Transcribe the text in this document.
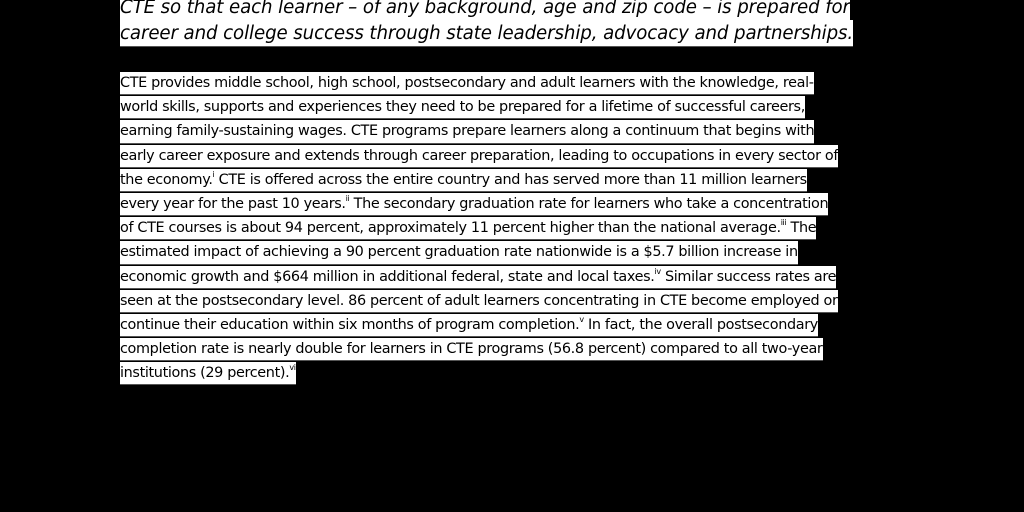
CTE so that each learner – of any background, age and zip code – is prepared for
career and college success through state leadership, advocacy and partnerships.
CTE provides middle school, high school, postsecondary and adult learners with the knowledge, real-
world skills, supports and experiences they need to be prepared for a lifetime of successful careers,
earning family-sustaining wages. CTE programs prepare learners along a continuum that begins with
early career exposure and extends through career preparation, leading to occupations in every sector of
the economy.$^i$ CTE is offered across the entire country and has served more than 11 million learners
every year for the past 10 years.$^{ii}$ The secondary graduation rate for learners who take a concentration
of CTE courses is about 94 percent, approximately 11 percent higher than the national average.$^{iii}$ The
estimated impact of achieving a 90 percent graduation rate nationwide is a $5.7 billion increase in
economic growth and $664 million in additional federal, state and local taxes.$^{iv}$ Similar success rates are
seen at the postsecondary level. 86 percent of adult learners concentrating in CTE become employed or
continue their education within six months of program completion.$^v$ In fact, the overall postsecondary
completion rate is nearly double for learners in CTE programs (56.8 percent) compared to all two-year
institutions (29 percent).$^{vi}$
